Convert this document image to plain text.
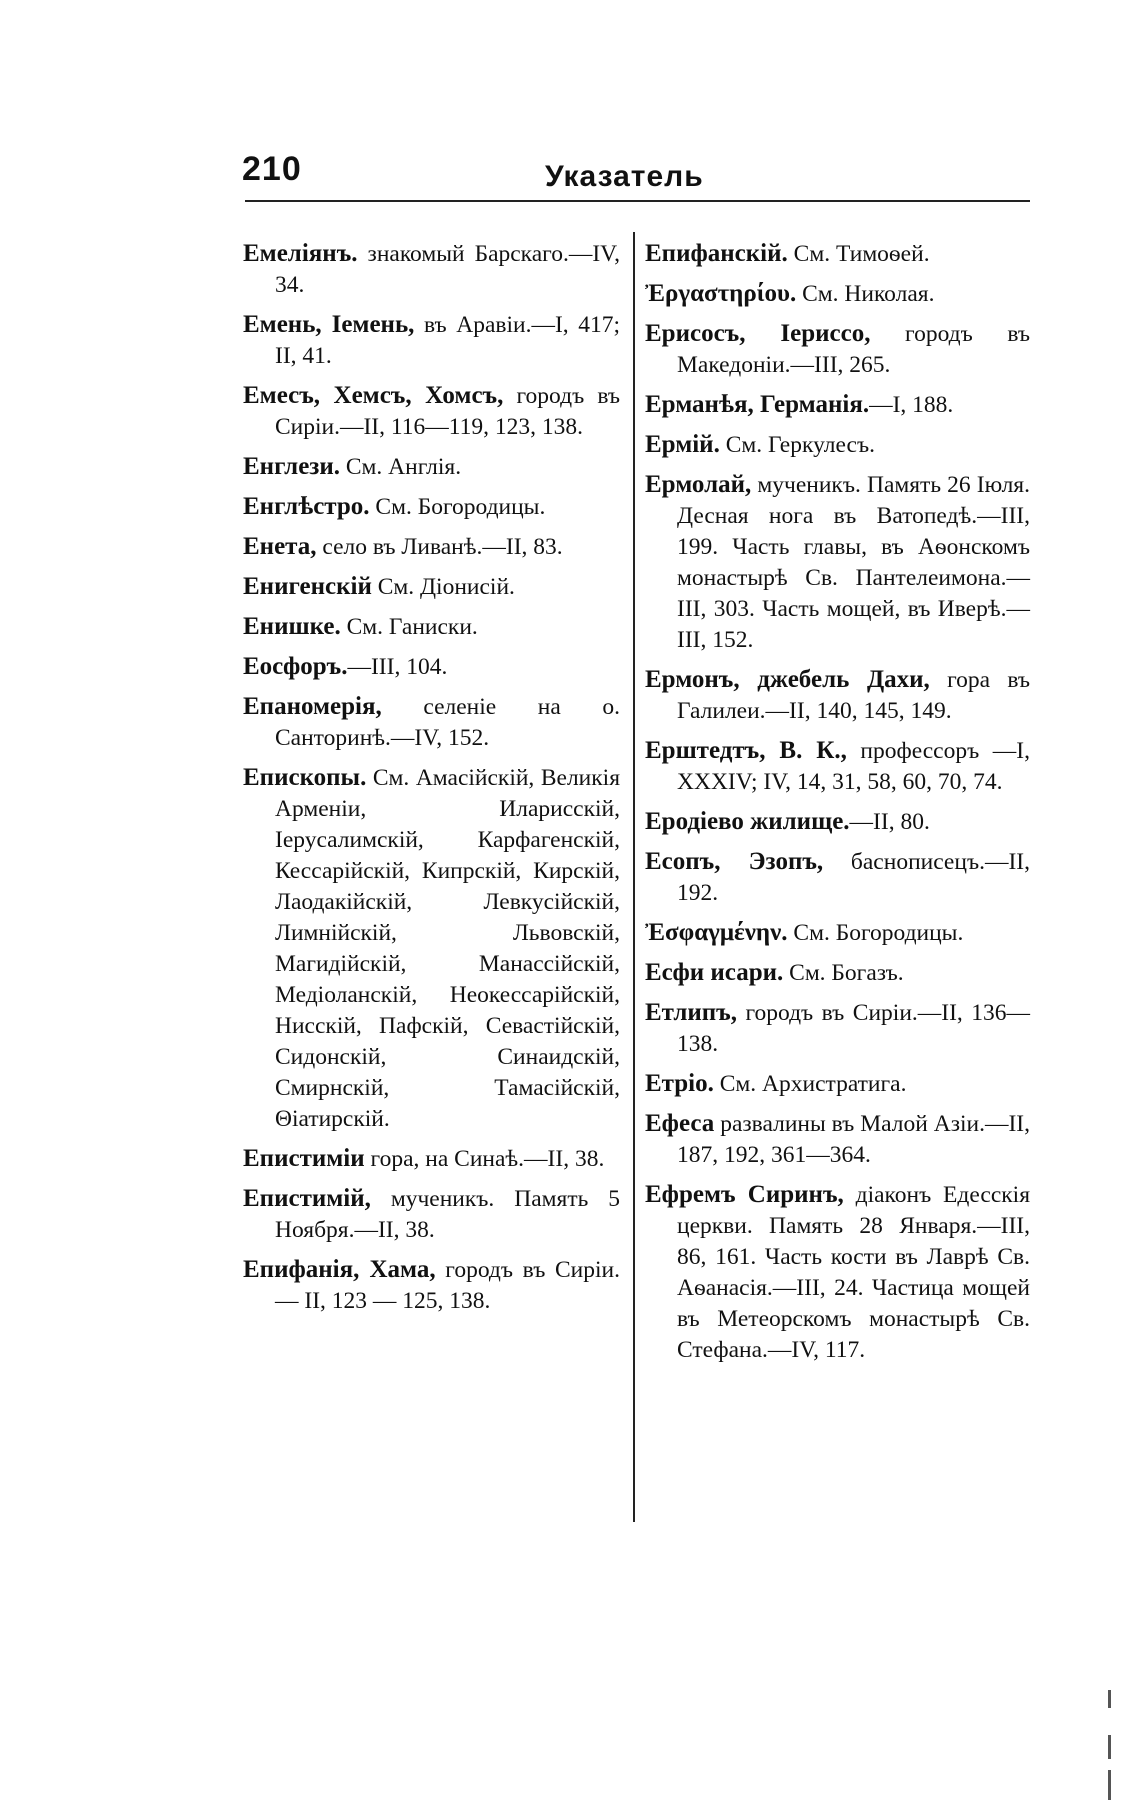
210	Указатель

Емеліянъ. знакомый Барскаго.—IV, 34.

Емень, Іемень, въ Аравіи.—I, 417; II, 41.

Емесъ, Хемсъ, Хомсъ, городъ въ Сиріи.—II, 116—119, 123, 138.

Енглези. См. Англія.

Енглѣстро. См. Богородицы.

Енета, село въ Ливанѣ.—II, 83.

Енигенскій См. Діонисій.

Енишке. См. Ганиски.

Еосфоръ.—III, 104.

Епаномерія, селеніе на о. Санторинѣ.—IV, 152.

Епископы. См. Амасійскій, Великія Арменіи, Иларисскій, Іерусалимскій, Карфагенскій, Кессарійскій, Кипрскій, Кирскій, Лаодакійскій, Левкусійскій, Лимнійскій, Львовскій, Магидійскій, Манассійскій, Медіоланскій, Неокессарійскій, Нисскій, Пафскій, Севастійскій, Сидонскій, Синаидскій, Смирнскій, Тамасійскій, Θіатирскій.

Епистиміи гора, на Синаѣ.—II, 38.

Епистимій, мученикъ. Память 5 Ноября.—II, 38.

Епифанія, Хама, городъ въ Сиріи. — II, 123 — 125, 138.

Епифанскій. См. Тимоѳей.

Ἐργαστηρίου. См. Николая.

Ерисосъ, Іериссо, городъ въ Македоніи.—III, 265.

Ерманѣя, Германія.—I, 188.

Ермій. См. Геркулесъ.

Ермолай, мученикъ. Память 26 Іюля. Десная нога въ Ватопедѣ.—III, 199. Часть главы, въ Аѳонскомъ монастырѣ Св. Пантелеимона.—III, 303. Часть мощей, въ Иверѣ.—III, 152.

Ермонъ, джебель Дахи, гора въ Галилеи.—II, 140, 145, 149.

Ерштедтъ, В. К., профессоръ —I, XXXIV; IV, 14, 31, 58, 60, 70, 74.

Еродіево жилище.—II, 80.

Есопъ, Эзопъ, баснописецъ.—II, 192.

Ἐσφαγμένην. См. Богородицы.

Есфи исари. См. Богазъ.

Етлипъ, городъ въ Сиріи.—II, 136—138.

Етріо. См. Архистратига.

Ефеса развалины въ Малой Азіи.—II, 187, 192, 361—364.

Ефремъ Сиринъ, діаконъ Едесскія церкви. Память 28 Января.—III, 86, 161. Часть кости въ Лаврѣ Св. Аѳанасія.—III, 24. Частица мощей въ Метеорскомъ монастырѣ Св. Стефана.—IV, 117.
